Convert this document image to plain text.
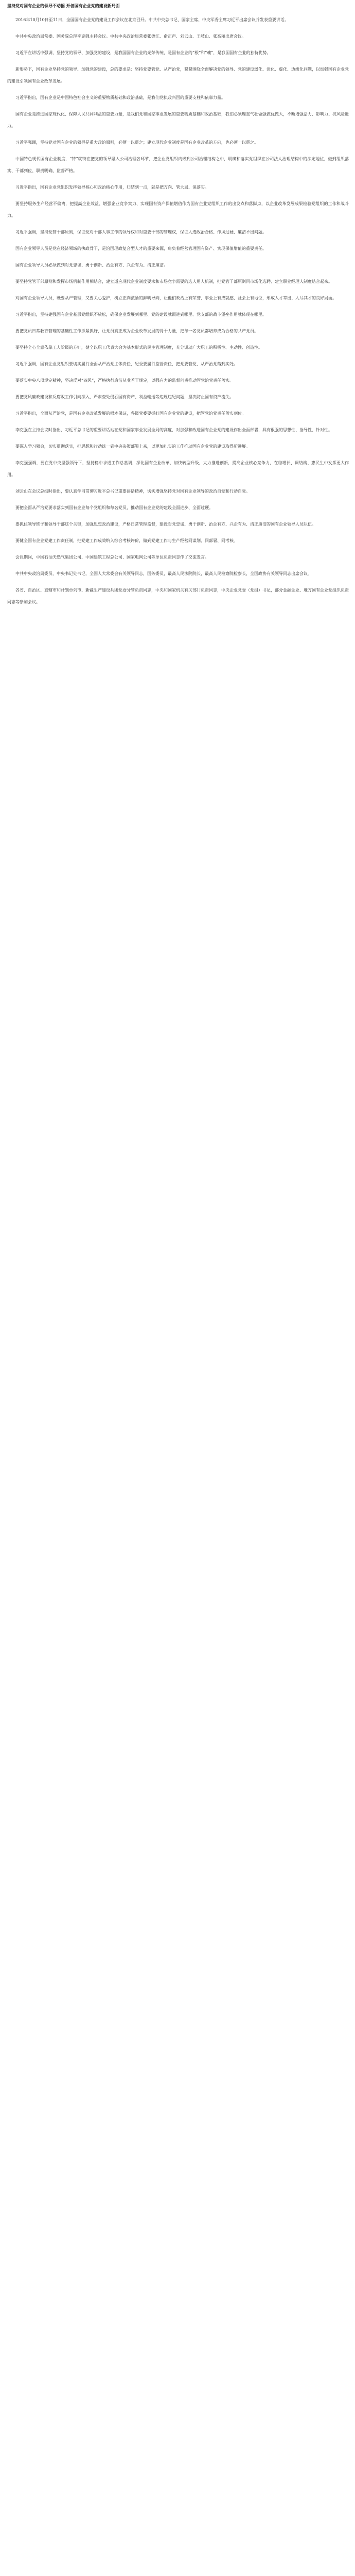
坚持党对国有企业的领导不动摇 开创国有企业党的建设新局面

2016年10月10日至11日，全国国有企业党的建设工作会议在北京召开。中共中央总书记、国家主席、中央军委主席习近平出席会议并发表重要讲话。

中共中央政治局常委、国务院总理李克强主持会议。中共中央政治局常委张德江、俞正声、刘云山、王岐山、张高丽出席会议。

习近平在讲话中强调，坚持党的领导、加强党的建设，是我国国有企业的光荣传统，是国有企业的“根”和“魂”，是我国国有企业的独特优势。

新形势下，国有企业坚持党的领导、加强党的建设，总的要求是：坚持党要管党、从严治党，紧紧围绕全面解决党的领导、党的建设弱化、淡化、虚化、边缘化问题，以加强国有企业党的建设引领国有企业改革发展。

习近平指出，国有企业是中国特色社会主义的重要物质基础和政治基础，是我们党执政兴国的重要支柱和依靠力量。

国有企业是推进国家现代化、保障人民共同利益的重要力量，是我们党和国家事业发展的重要物质基础和政治基础，我们必须理直气壮做强做优做大，不断增强活力、影响力、抗风险能力。

习近平强调，坚持党对国有企业的领导是重大政治原则，必须一以贯之；建立现代企业制度是国有企业改革的方向，也必须一以贯之。

中国特色现代国有企业制度，“特”就特在把党的领导融入公司治理各环节，把企业党组织内嵌到公司治理结构之中，明确和落实党组织在公司法人治理结构中的法定地位，做到组织落实、干部到位、职责明确、监督严格。

习近平指出，国有企业党组织发挥领导核心和政治核心作用，归结到一点，就是把方向、管大局、保落实。

要坚持服务生产经营不偏离，把提高企业效益、增强企业竞争实力、实现国有资产保值增值作为国有企业党组织工作的出发点和落脚点，以企业改革发展成果检验党组织的工作和战斗力。

习近平强调，坚持党管干部原则，保证党对干部人事工作的领导权和对重要干部的管理权，保证人选政治合格、作风过硬、廉洁不出问题。

国有企业领导人员是党在经济领域的执政骨干，是治国理政复合型人才的重要来源，肩负着经营管理国有资产、实现保值增值的重要责任。

国有企业领导人员必须做到对党忠诚、勇于创新、治企有方、兴企有为、清正廉洁。

要坚持党管干部原则和发挥市场机制作用相结合，建立适应现代企业制度要求和市场竞争需要的选人用人机制，把党管干部原则同市场化选聘、建立职业经理人制度结合起来。

对国有企业领导人员，既要从严管理，又要关心爱护，树立正向激励的鲜明导向，让他们政治上有荣誉、事业上有成就感、社会上有地位，形成人才辈出、人尽其才的良好局面。

习近平指出，坚持建强国有企业基层党组织不放松，确保企业发展到哪里、党的建设就跟进到哪里、党支部的战斗堡垒作用就体现在哪里。

要把党员日常教育管理的基础性工作抓紧抓好，让党员真正成为企业改革发展的骨干力量，把每一名党员都培养成为合格的共产党员。

要坚持全心全意依靠工人阶级的方针，健全以职工代表大会为基本形式的民主管理制度，充分调动广大职工的积极性、主动性、创造性。

习近平强调，国有企业党组织要切实履行全面从严治党主体责任，纪委要履行监督责任，把党要管党、从严治党落到实处。

要落实中央八项规定精神，坚决反对“四风”，严格执行廉洁从业若干规定，以强有力的监督问责推动管党治党责任落实。

要把党风廉政建设和反腐败工作引向深入，严肃查处侵吞国有资产、利益输送等违规违纪问题，坚决防止国有资产流失。

习近平指出，全面从严治党，是国有企业改革发展的根本保证，各级党委要抓好国有企业党的建设，把管党治党责任落实到位。

李克强在主持会议时指出，习近平总书记的重要讲话站在党和国家事业发展全局的高度，对加强和改进国有企业党的建设作出全面部署，具有很强的思想性、指导性、针对性。

要深入学习领会，切实贯彻落实，把思想和行动统一到中央决策部署上来，以更加扎实的工作推动国有企业党的建设取得新进展。

李克强强调，要在党中央坚强领导下，坚持稳中求进工作总基调，深化国有企业改革，加快转型升级，大力推进创新，提高企业核心竞争力，在稳增长、调结构、惠民生中发挥更大作用。

刘云山在会议总结时指出，要认真学习贯彻习近平总书记重要讲话精神，切实增强坚持党对国有企业领导的政治自觉和行动自觉。

要把全面从严治党要求落实到国有企业每个党组织和每名党员，推动国有企业党的建设全面进步、全面过硬。

要抓住领导班子和领导干部这个关键，加强思想政治建设，严格日常管理监督，建设对党忠诚、勇于创新、治企有方、兴企有为、清正廉洁的国有企业领导人员队伍。

要健全国有企业党建工作责任制，把党建工作成效纳入综合考核评价，做到党建工作与生产经营同谋划、同部署、同考核。

会议期间，中国石油天然气集团公司、中国建筑工程总公司、国家电网公司等单位负责同志作了交流发言。

中共中央政治局委员、中央书记处书记，全国人大常委会有关领导同志，国务委员，最高人民法院院长，最高人民检察院检察长，全国政协有关领导同志出席会议。

各省、自治区、直辖市和计划单列市、新疆生产建设兵团党委分管负责同志，中央和国家机关有关部门负责同志，中央企业党委（党组）书记，部分金融企业、地方国有企业党组织负责同志等参加会议。
